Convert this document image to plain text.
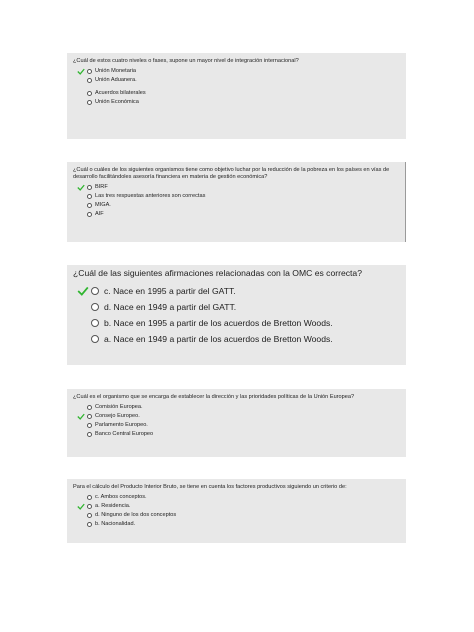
¿Cuál de estos cuatro niveles o fases, supone un mayor nivel de integración internacional?

Unión Monetaria
Unión Aduanera.
Acuerdos bilaterales
Unión Económica

¿Cuál o cuáles de los siguientes organismos tiene como objetivo luchar por la reducción de la pobreza en los países en vías de desarrollo facilitándoles asesoría financiera en materia de gestión económica?

BIRF
Las tres respuestas anteriores son correctas
MIGA.
AIF

¿Cuál de las siguientes afirmaciones relacionadas con la OMC es correcta?

c. Nace en 1995 a partir del GATT.
d. Nace en 1949 a partir del GATT.
b. Nace en 1995 a partir de los acuerdos de Bretton Woods.
a. Nace en 1949 a partir de los acuerdos de Bretton Woods.

¿Cuál es el organismo que se encarga de establecer la dirección y las prioridades políticas de la Unión Europea?

Comisión Europea.
Consejo Europeo.
Parlamento Europeo.
Banco Central Europeo

Para el cálculo del Producto Interior Bruto, se tiene en cuenta los factores productivos siguiendo un criterio de:

c. Ambos conceptos.
a. Residencia.
d. Ninguno de los dos conceptos
b. Nacionalidad.
